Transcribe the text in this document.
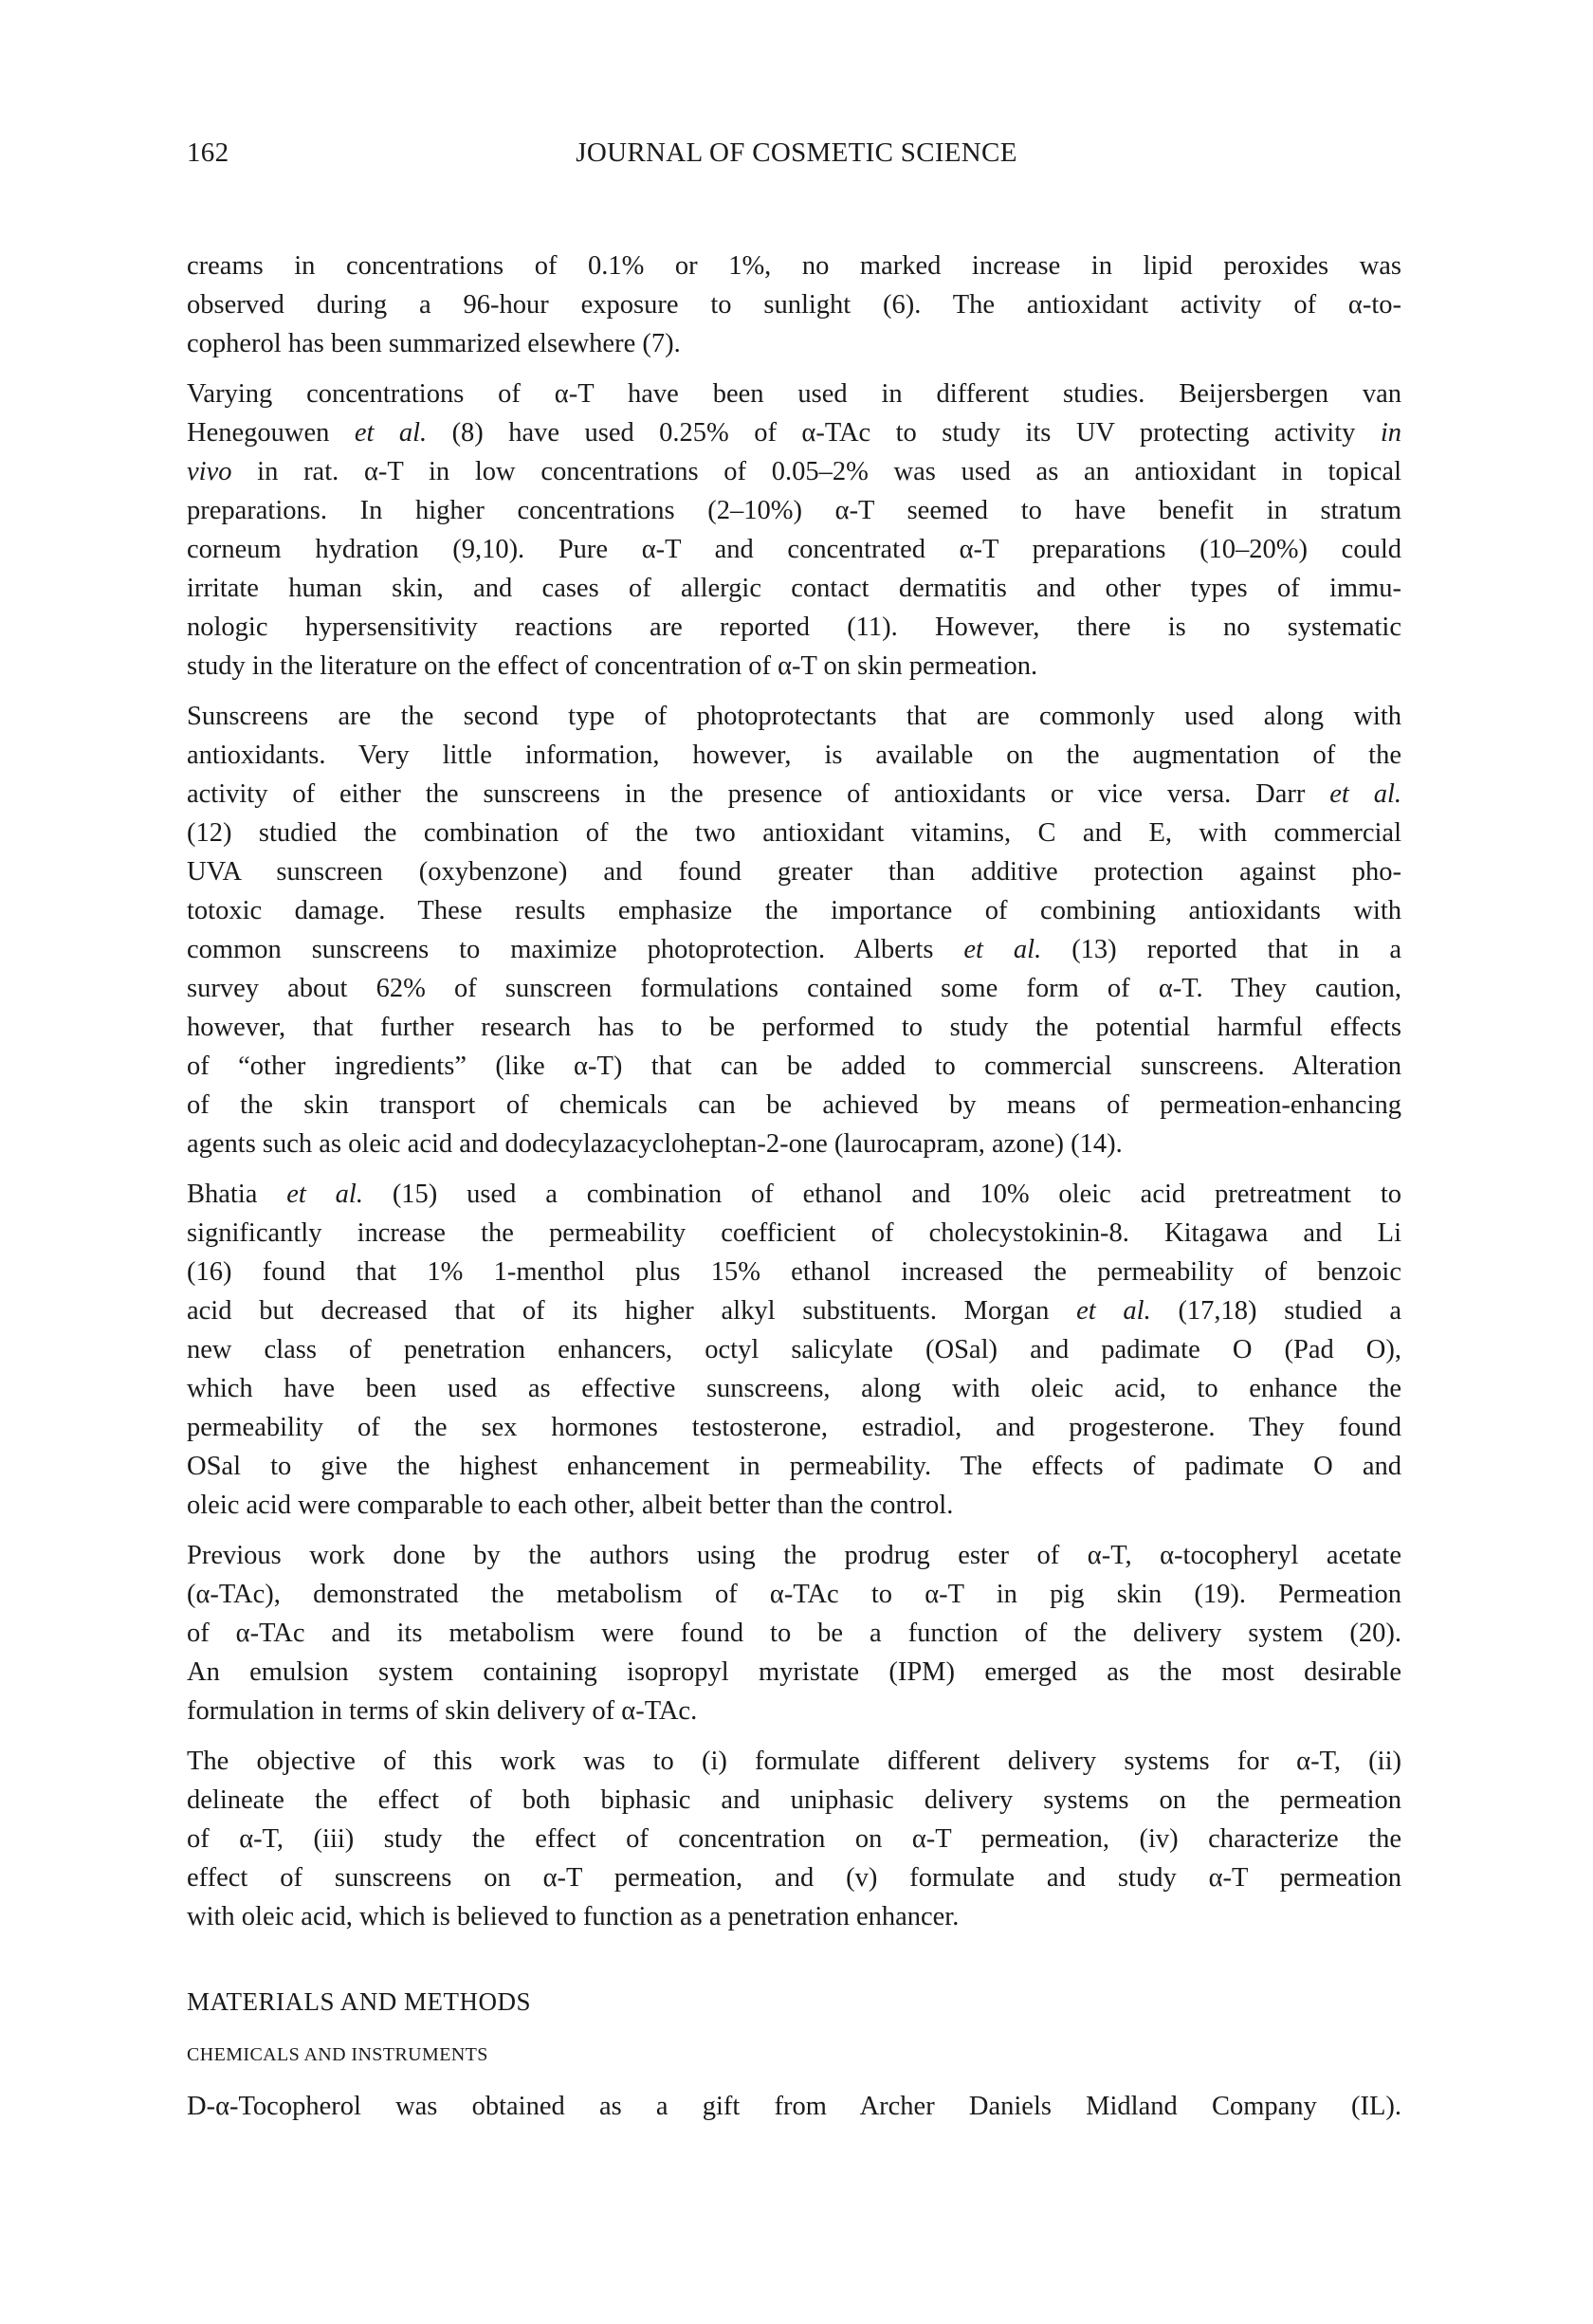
162	JOURNAL OF COSMETIC SCIENCE
creams in concentrations of 0.1% or 1%, no marked increase in lipid peroxides was
observed during a 96-hour exposure to sunlight (6). The antioxidant activity of α-to-
copherol has been summarized elsewhere (7).
Varying concentrations of α-T have been used in different studies. Beijersbergen van
Henegouwen et al. (8) have used 0.25% of α-TAc to study its UV protecting activity in
vivo in rat. α-T in low concentrations of 0.05–2% was used as an antioxidant in topical
preparations. In higher concentrations (2–10%) α-T seemed to have benefit in stratum
corneum hydration (9,10). Pure α-T and concentrated α-T preparations (10–20%) could
irritate human skin, and cases of allergic contact dermatitis and other types of immu-
nologic hypersensitivity reactions are reported (11). However, there is no systematic
study in the literature on the effect of concentration of α-T on skin permeation.
Sunscreens are the second type of photoprotectants that are commonly used along with
antioxidants. Very little information, however, is available on the augmentation of the
activity of either the sunscreens in the presence of antioxidants or vice versa. Darr et al.
(12) studied the combination of the two antioxidant vitamins, C and E, with commercial
UVA sunscreen (oxybenzone) and found greater than additive protection against pho-
totoxic damage. These results emphasize the importance of combining antioxidants with
common sunscreens to maximize photoprotection. Alberts et al. (13) reported that in a
survey about 62% of sunscreen formulations contained some form of α-T. They caution,
however, that further research has to be performed to study the potential harmful effects
of “other ingredients” (like α-T) that can be added to commercial sunscreens. Alteration
of the skin transport of chemicals can be achieved by means of permeation-enhancing
agents such as oleic acid and dodecylazacycloheptan-2-one (laurocapram, azone) (14).
Bhatia et al. (15) used a combination of ethanol and 10% oleic acid pretreatment to
significantly increase the permeability coefficient of cholecystokinin-8. Kitagawa and Li
(16) found that 1% 1-menthol plus 15% ethanol increased the permeability of benzoic
acid but decreased that of its higher alkyl substituents. Morgan et al. (17,18) studied a
new class of penetration enhancers, octyl salicylate (OSal) and padimate O (Pad O),
which have been used as effective sunscreens, along with oleic acid, to enhance the
permeability of the sex hormones testosterone, estradiol, and progesterone. They found
OSal to give the highest enhancement in permeability. The effects of padimate O and
oleic acid were comparable to each other, albeit better than the control.
Previous work done by the authors using the prodrug ester of α-T, α-tocopheryl acetate
(α-TAc), demonstrated the metabolism of α-TAc to α-T in pig skin (19). Permeation
of α-TAc and its metabolism were found to be a function of the delivery system (20).
An emulsion system containing isopropyl myristate (IPM) emerged as the most desirable
formulation in terms of skin delivery of α-TAc.
The objective of this work was to (i) formulate different delivery systems for α-T, (ii)
delineate the effect of both biphasic and uniphasic delivery systems on the permeation
of α-T, (iii) study the effect of concentration on α-T permeation, (iv) characterize the
effect of sunscreens on α-T permeation, and (v) formulate and study α-T permeation
with oleic acid, which is believed to function as a penetration enhancer.
MATERIALS AND METHODS
CHEMICALS AND INSTRUMENTS
D-α-Tocopherol was obtained as a gift from Archer Daniels Midland Company (IL).
